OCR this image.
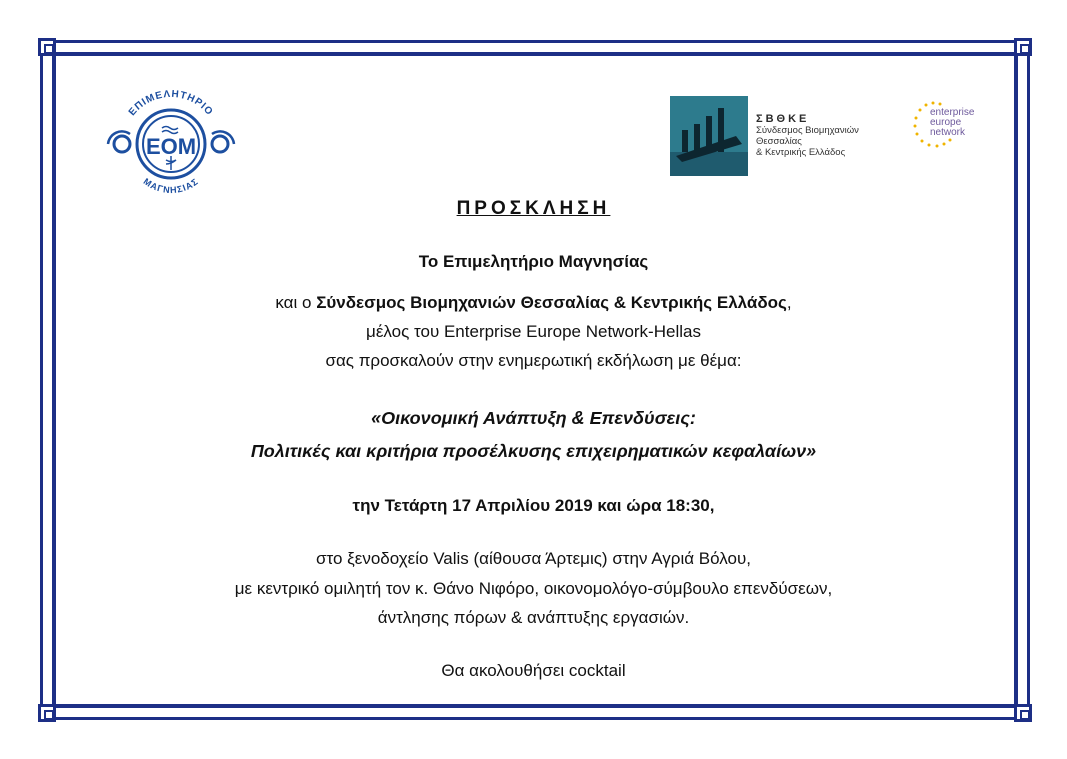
ΕΠΙΜΕΛΗΤΗΡΙΟ
ΜΑΓΝΗΣΙΑΣ
ΕΟΜ
ΣΒΘΚΕ
Σύνδεσμος Βιομηχανιών
Θεσσαλίας
& Κεντρικής Ελλάδος
enterprise
europe
network
ΠΡΟΣΚΛΗΣΗ
Το Επιμελητήριο Μαγνησίας
και ο Σύνδεσμος Βιομηχανιών Θεσσαλίας & Κεντρικής Ελλάδος,
μέλος του Enterprise Europe Network-Hellas
σας προσκαλούν στην ενημερωτική εκδήλωση με θέμα:
«Οικονομική Ανάπτυξη & Επενδύσεις:
Πολιτικές και κριτήρια προσέλκυσης επιχειρηματικών κεφαλαίων»
την Τετάρτη 17 Απριλίου 2019 και ώρα 18:30,
στο ξενοδοχείο Valis (αίθουσα Άρτεμις) στην Αγριά Βόλου,
με κεντρικό ομιλητή τον κ. Θάνο Νιφόρο, οικονομολόγο-σύμβουλο επενδύσεων,
άντλησης πόρων & ανάπτυξης εργασιών.
Θα ακολουθήσει cocktail
